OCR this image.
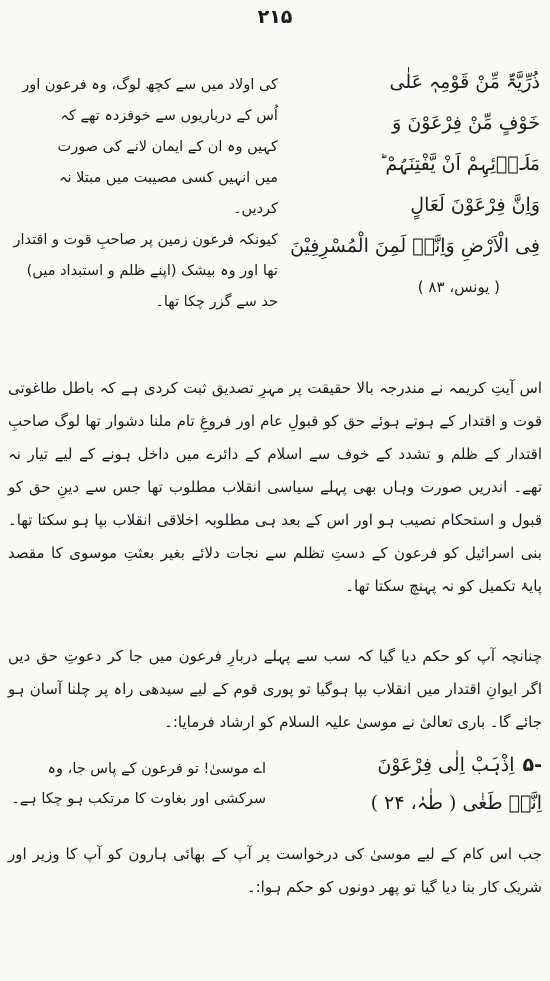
۲۱۵
کی اولاد میں سے کچھ لوگ، وہ فرعون اور
اُس کے درباریوں سے خوفزدہ تھے کہ
کہیں وہ ان کے ایمان لانے کی صورت
میں انہیں کسی مصیبت میں مبتلا نہ کردیں۔
کیونکہ فرعون زمین پر صاحبِ قوت و اقتدار
تھا اور وہ بیشک (اپنے ظلم و استبداد میں)
حد سے گزر چکا تھا۔
ذُرِّیَّۃٌ مِّنْ قَوْمِہٖ عَلٰی
خَوْفٍ مِّنْ فِرْعَوْنَ وَ
مَلَا۟ئِہِمْ اَنْ یَّفْتِنَہُمْ ؕ
وَاِنَّ فِرْعَوْنَ لَعَالٍ
فِی الْاَرْضِ وَاِنَّہٗ لَمِنَ الْمُسْرِفِیْنَ
( یونس، ۸۳ )
اس آیتِ کریمہ نے مندرجہ بالا حقیقت پر مہرِ تصدیق ثبت کردی ہے کہ باطل طاغوتی قوت و اقتدار کے ہوتے ہوئے حق کو قبولِ عام اور فروغِ تام ملنا دشوار تھا لوگ صاحبِ اقتدار کے ظلم و تشدد کے خوف سے اسلام کے دائرے میں داخل ہونے کے لیے تیار نہ تھے۔ اندریں صورت وہاں بھی پہلے سیاسی انقلاب مطلوب تھا جس سے دینِ حق کو قبول و استحکام نصیب ہو اور اس کے بعد ہی مطلوبہ اخلاقی انقلاب بپا ہو سکتا تھا۔ بنی اسرائیل کو فرعون کے دستِ تظلم سے نجات دلائے بغیر بعثتِ موسوی کا مقصد پایۂ تکمیل کو نہ پہنچ سکتا تھا۔
چنانچہ آپ کو حکم دیا گیا کہ سب سے پہلے دربارِ فرعون میں جا کر دعوتِ حق دیں اگر ایوانِ اقتدار میں انقلاب بپا ہوگیا تو پوری قوم کے لیے سیدھی راہ پر چلنا آسان ہو جائے گا۔ باری تعالیٰ نے موسیٰ علیہ السلام کو ارشاد فرمایا:۔
اے موسیٰ! تو فرعون کے پاس جا، وہ
سرکشی اور بغاوت کا مرتکب ہو چکا ہے۔
-۵اِذْہَبْ اِلٰی فِرْعَوْنَ
اِنَّہٗ طَغٰی ( طٰہٰ، ۲۴ )
جب اس کام کے لیے موسیٰ کی درخواست پر آپ کے بھائی ہارون کو آپ کا وزیر اور شریک کار بنا دیا گیا تو پھر دونوں کو حکم ہوا:۔
